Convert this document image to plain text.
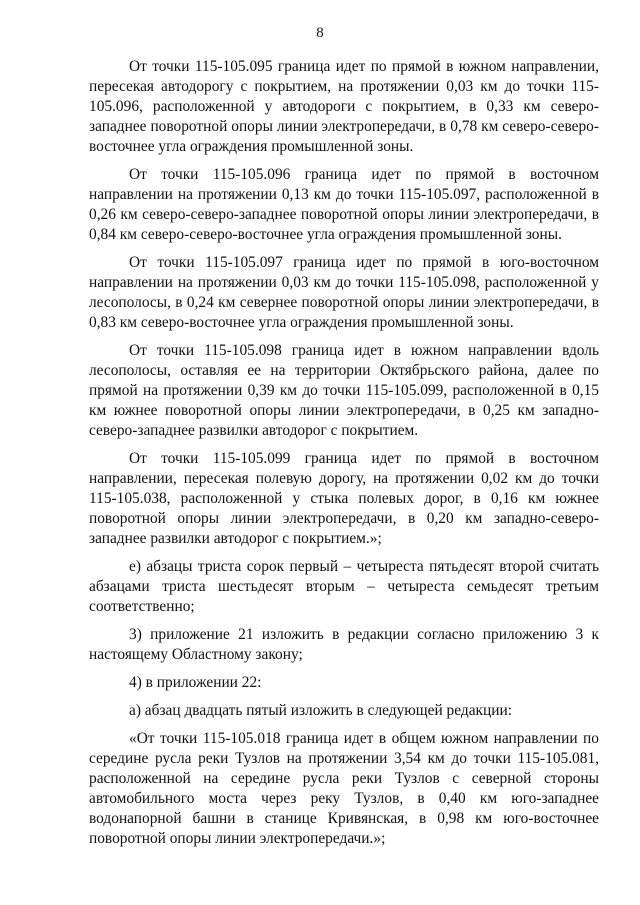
8

От точки 115-105.095 граница идет по прямой в южном направлении, пересекая автодорогу с покрытием, на протяжении 0,03 км до точки 115-105.096, расположенной у автодороги с покрытием, в 0,33 км северо-западнее поворотной опоры линии электропередачи, в 0,78 км северо-северо-восточнее угла ограждения промышленной зоны.

От точки 115-105.096 граница идет по прямой в восточном направлении на протяжении 0,13 км до точки 115-105.097, расположенной в 0,26 км северо-северо-западнее поворотной опоры линии электропередачи, в 0,84 км северо-северо-восточнее угла ограждения промышленной зоны.

От точки 115-105.097 граница идет по прямой в юго-восточном направлении на протяжении 0,03 км до точки 115-105.098, расположенной у лесополосы, в 0,24 км севернее поворотной опоры линии электропередачи, в 0,83 км северо-восточнее угла ограждения промышленной зоны.

От точки 115-105.098 граница идет в южном направлении вдоль лесополосы, оставляя ее на территории Октябрьского района, далее по прямой на протяжении 0,39 км до точки 115-105.099, расположенной в 0,15 км южнее поворотной опоры линии электропередачи, в 0,25 км западно-северо-западнее развилки автодорог с покрытием.

От точки 115-105.099 граница идет по прямой в восточном направлении, пересекая полевую дорогу, на протяжении 0,02 км до точки 115-105.038, расположенной у стыка полевых дорог, в 0,16 км южнее поворотной опоры линии электропередачи, в 0,20 км западно-северо-западнее развилки автодорог с покрытием.»;

е) абзацы триста сорок первый – четыреста пятьдесят второй считать абзацами триста шестьдесят вторым – четыреста семьдесят третьим соответственно;

3) приложение 21 изложить в редакции согласно приложению 3 к настоящему Областному закону;

4) в приложении 22:

а) абзац двадцать пятый изложить в следующей редакции:

«От точки 115-105.018 граница идет в общем южном направлении по середине русла реки Тузлов на протяжении 3,54 км до точки 115-105.081, расположенной на середине русла реки Тузлов с северной стороны автомобильного моста через реку Тузлов, в 0,40 км юго-западнее водонапорной башни в станице Кривянская, в 0,98 км юго-восточнее поворотной опоры линии электропередачи.»;
